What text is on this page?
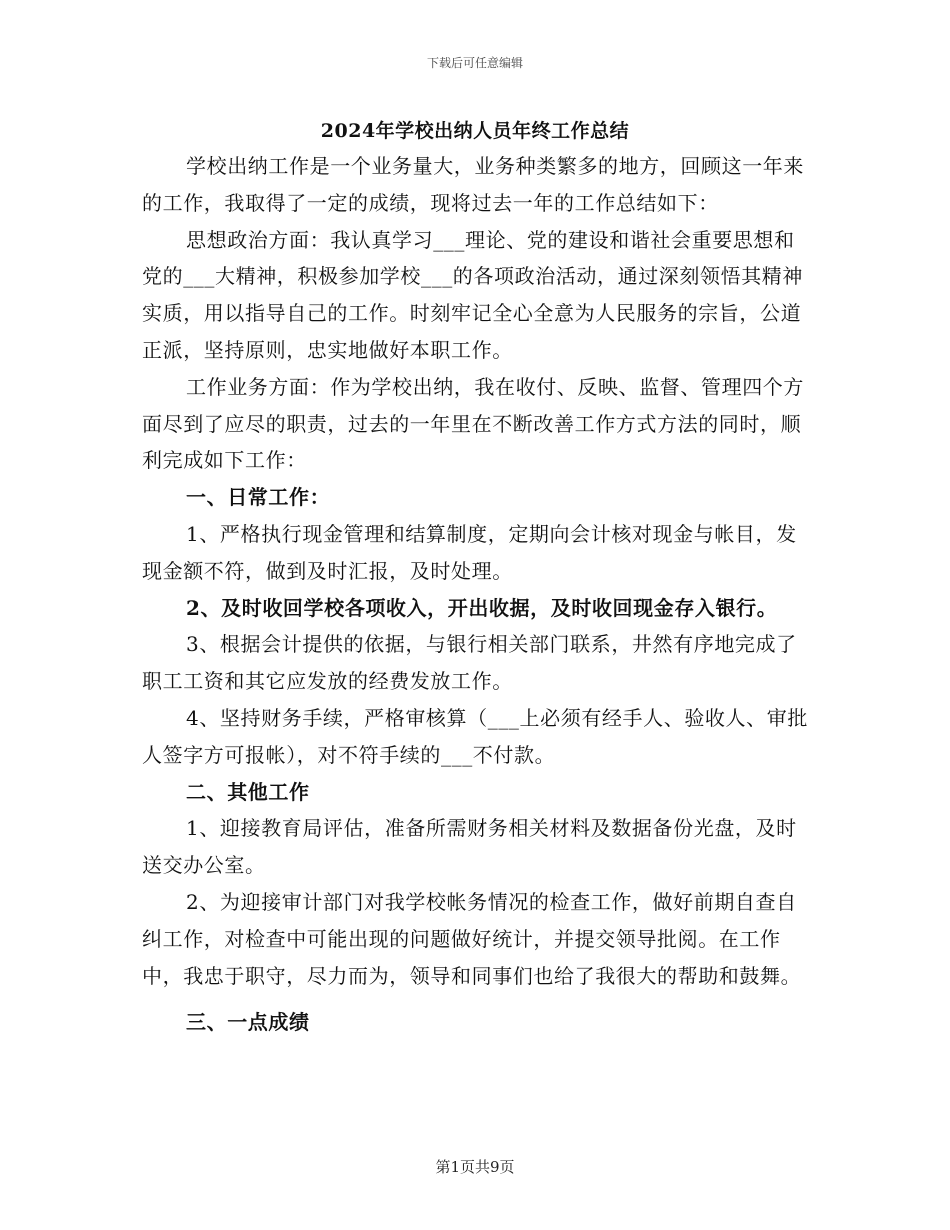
下载后可任意编辑
2024年学校出纳人员年终工作总结

学校出纳工作是一个业务量大，业务种类繁多的地方，回顾这一年来的工作，我取得了一定的成绩，现将过去一年的工作总结如下：

思想政治方面：我认真学习___理论、党的建设和谐社会重要思想和党的___大精神，积极参加学校___的各项政治活动，通过深刻领悟其精神实质，用以指导自己的工作。时刻牢记全心全意为人民服务的宗旨，公道正派，坚持原则，忠实地做好本职工作。

工作业务方面：作为学校出纳，我在收付、反映、监督、管理四个方面尽到了应尽的职责，过去的一年里在不断改善工作方式方法的同时，顺利完成如下工作：

一、日常工作：

1、严格执行现金管理和结算制度，定期向会计核对现金与帐目，发现金额不符，做到及时汇报，及时处理。

2、及时收回学校各项收入，开出收据，及时收回现金存入银行。

3、根据会计提供的依据，与银行相关部门联系，井然有序地完成了职工工资和其它应发放的经费发放工作。

4、坚持财务手续，严格审核算（___上必须有经手人、验收人、审批人签字方可报帐），对不符手续的___不付款。

二、其他工作

1、迎接教育局评估，准备所需财务相关材料及数据备份光盘，及时送交办公室。

2、为迎接审计部门对我学校帐务情况的检查工作，做好前期自查自纠工作，对检查中可能出现的问题做好统计，并提交领导批阅。在工作中，我忠于职守，尽力而为，领导和同事们也给了我很大的帮助和鼓舞。

三、一点成绩

第1页共9页
